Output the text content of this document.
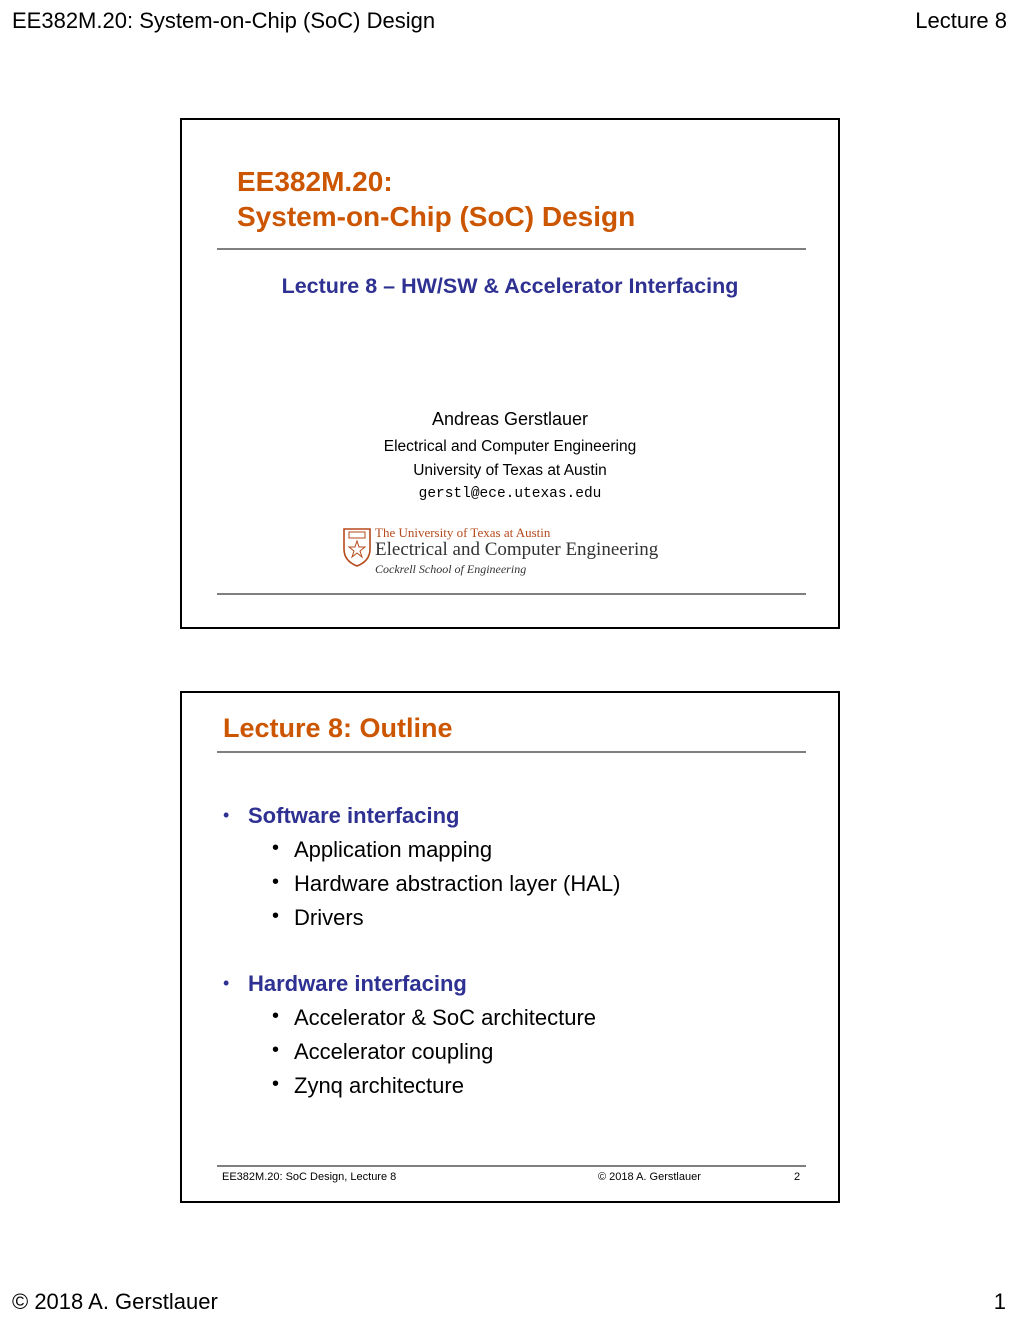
EE382M.20: System-on-Chip (SoC) Design	Lecture 8
EE382M.20:
System-on-Chip (SoC) Design
Lecture 8 – HW/SW & Accelerator Interfacing
Andreas Gerstlauer
Electrical and Computer Engineering
University of Texas at Austin
gerstl@ece.utexas.edu
The University of Texas at Austin
Electrical and Computer Engineering
Cockrell School of Engineering
Lecture 8: Outline
• Software interfacing
• Application mapping
• Hardware abstraction layer (HAL)
• Drivers
• Hardware interfacing
• Accelerator & SoC architecture
• Accelerator coupling
• Zynq architecture
EE382M.20: SoC Design, Lecture 8	© 2018 A. Gerstlauer	2
© 2018 A. Gerstlauer	1
